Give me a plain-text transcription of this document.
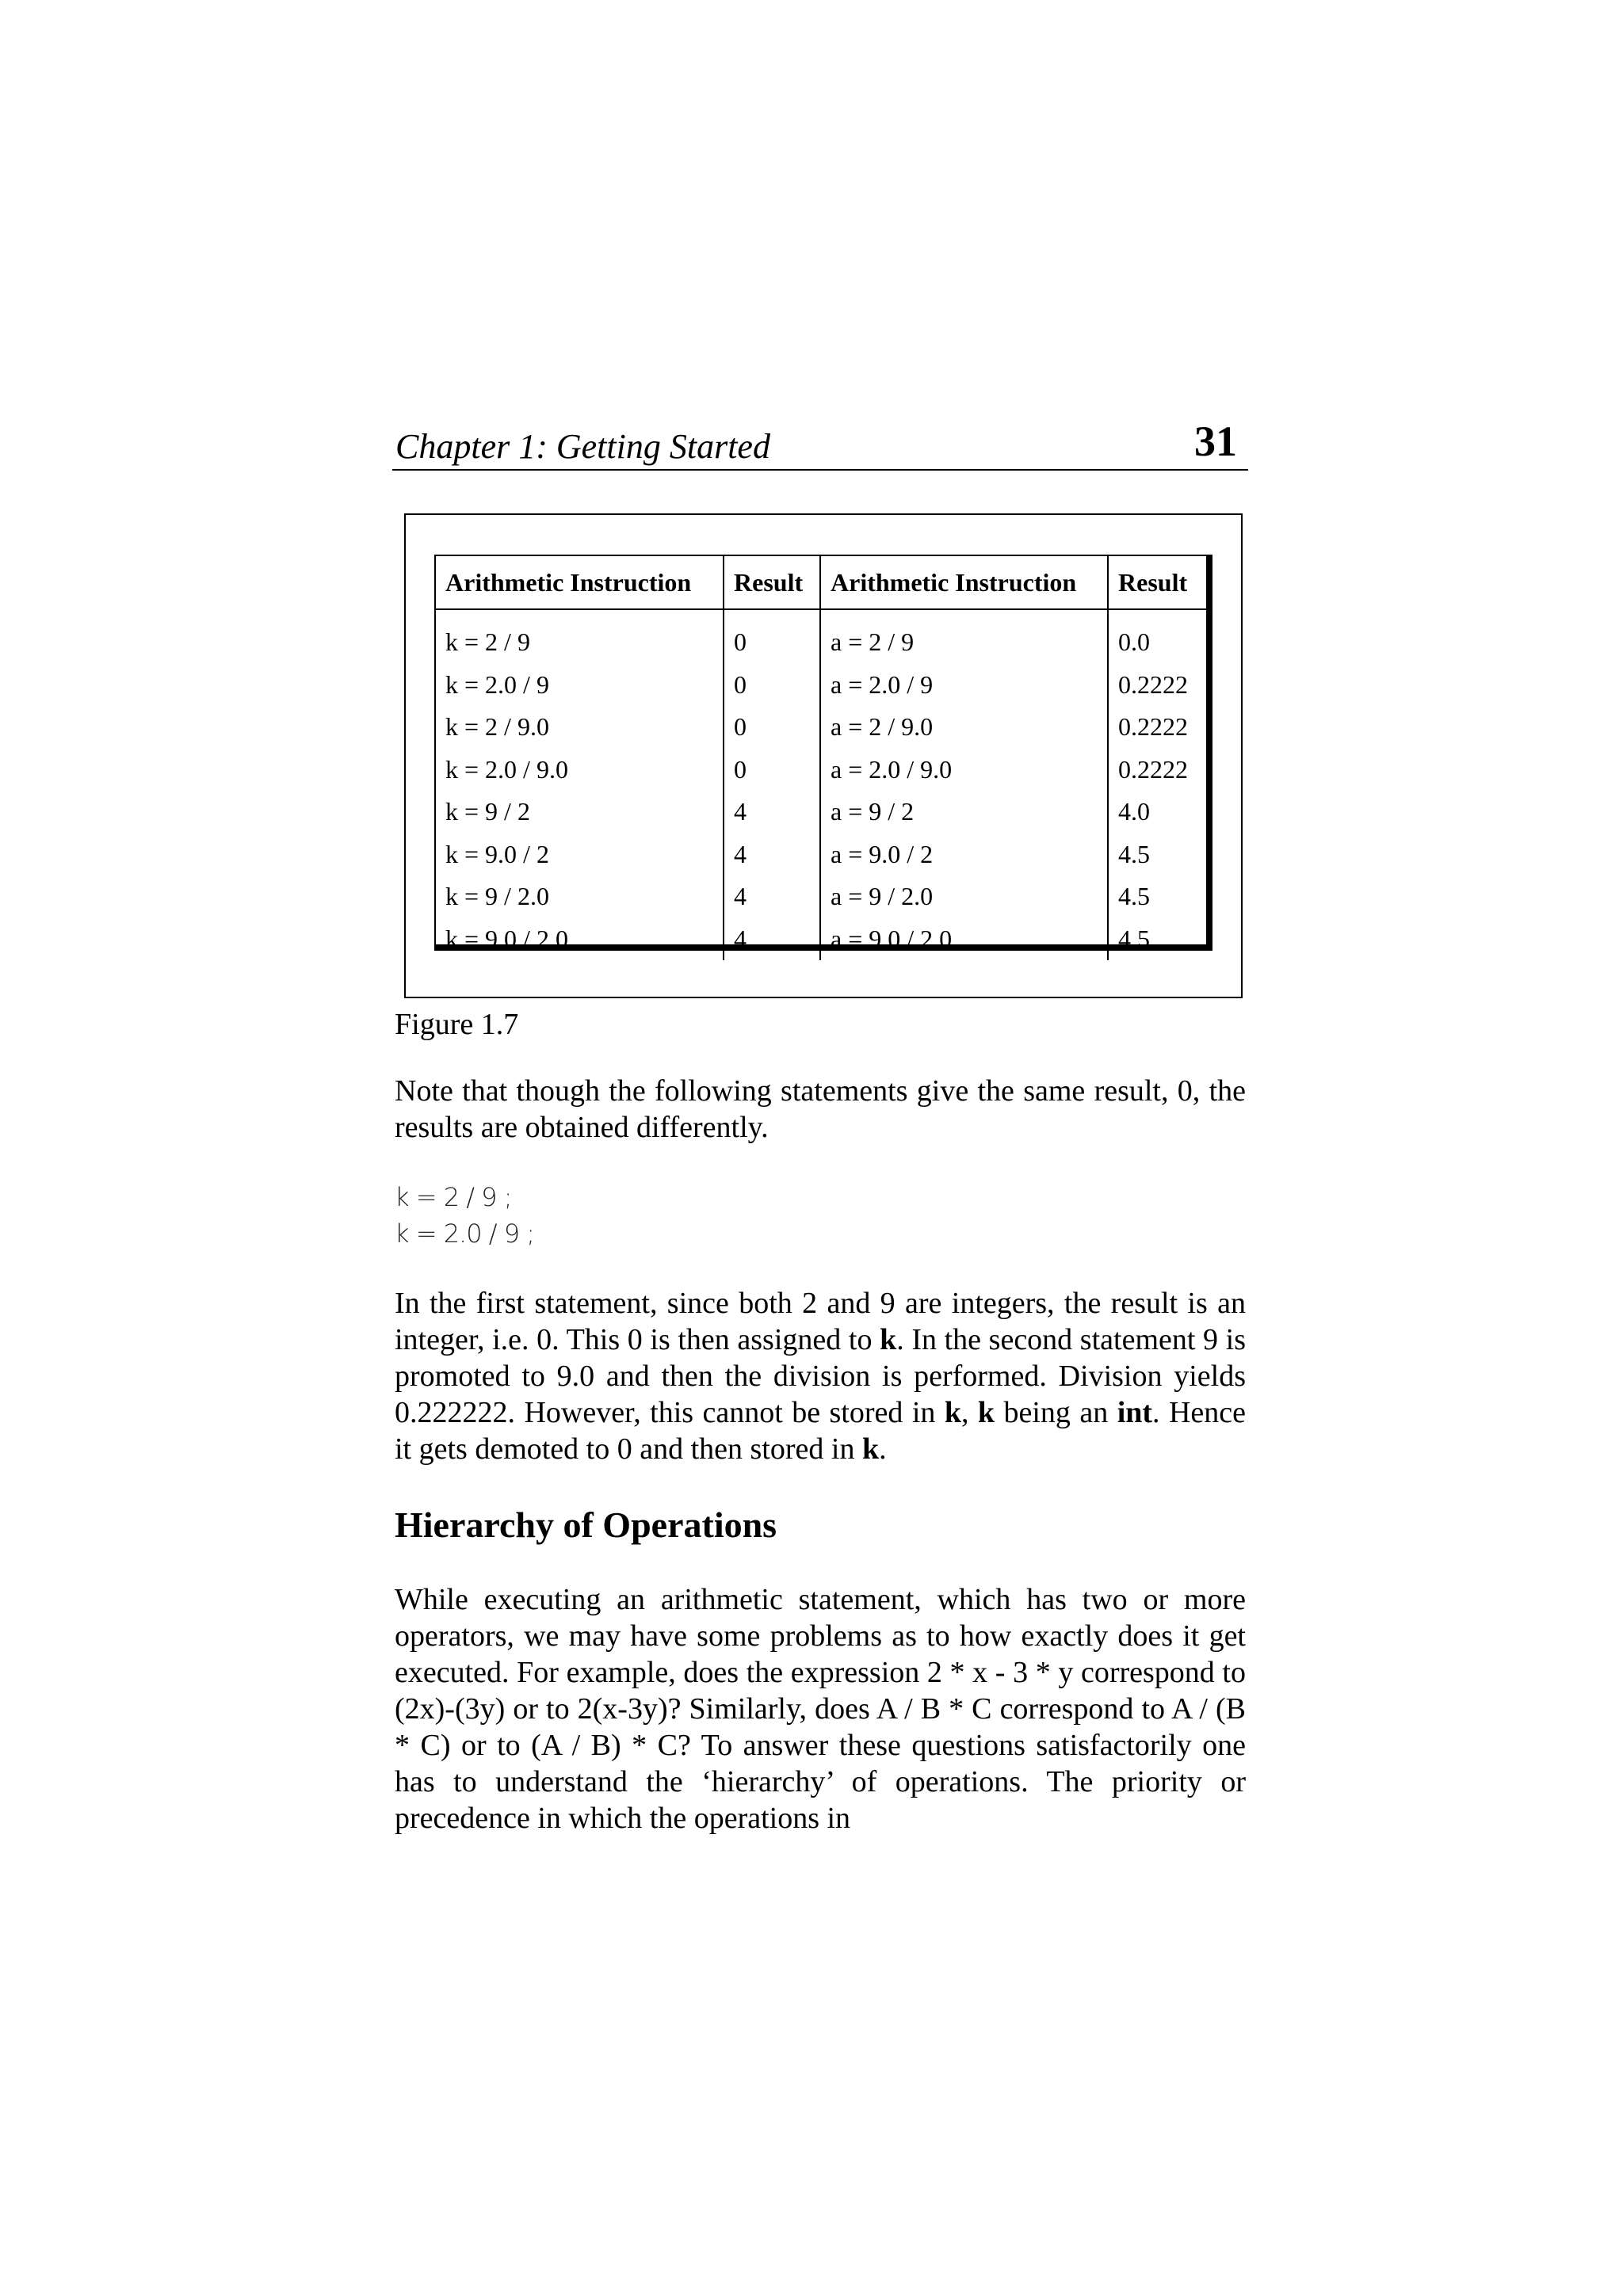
Chapter 1: Getting Started	31
Arithmetic Instruction	Result	Arithmetic Instruction	Result
k = 2 / 9	0	a = 2 / 9	0.0
k = 2.0 / 9	0	a = 2.0 / 9	0.2222
k = 2 / 9.0	0	a = 2 / 9.0	0.2222
k = 2.0 / 9.0	0	a = 2.0 / 9.0	0.2222
k = 9 / 2	4	a = 9 / 2	4.0
k = 9.0 / 2	4	a = 9.0 / 2	4.5
k = 9 / 2.0	4	a = 9 / 2.0	4.5
k = 9.0 / 2.0	4	a = 9.0 / 2.0	4.5
Figure 1.7

Note that though the following statements give the same result, 0, the results are obtained differently.

k = 2 / 9 ;
k = 2.0 / 9 ;

In the first statement, since both 2 and 9 are integers, the result is an integer, i.e. 0. This 0 is then assigned to k. In the second statement 9 is promoted to 9.0 and then the division is performed. Division yields 0.222222. However, this cannot be stored in k, k being an int. Hence it gets demoted to 0 and then stored in k.

Hierarchy of Operations

While executing an arithmetic statement, which has two or more operators, we may have some problems as to how exactly does it get executed. For example, does the expression 2 * x - 3 * y correspond to (2x)-(3y) or to 2(x-3y)? Similarly, does A / B * C correspond to A / (B * C) or to (A / B) * C? To answer these questions satisfactorily one has to understand the ‘hierarchy’ of operations. The priority or precedence in which the operations in
